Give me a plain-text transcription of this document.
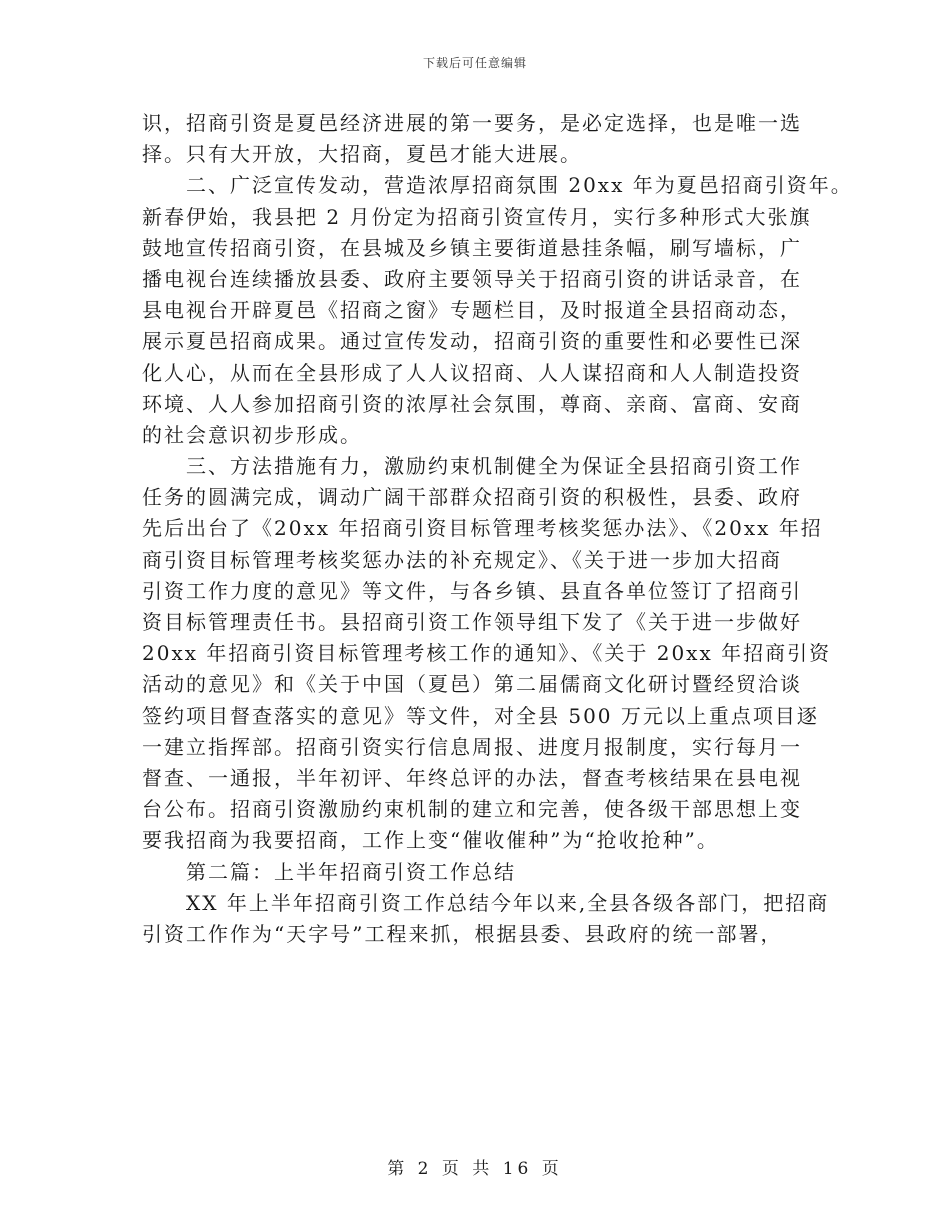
下载后可任意编辑
识，招商引资是夏邑经济进展的第一要务，是必定选择，也是唯一选
择。只有大开放，大招商，夏邑才能大进展。
二、广泛宣传发动，营造浓厚招商氛围 20xx 年为夏邑招商引资年。
新春伊始，我县把 2 月份定为招商引资宣传月，实行多种形式大张旗
鼓地宣传招商引资，在县城及乡镇主要街道悬挂条幅，刷写墙标，广
播电视台连续播放县委、政府主要领导关于招商引资的讲话录音，在
县电视台开辟夏邑《招商之窗》专题栏目，及时报道全县招商动态，
展示夏邑招商成果。通过宣传发动，招商引资的重要性和必要性已深
化人心，从而在全县形成了人人议招商、人人谋招商和人人制造投资
环境、人人参加招商引资的浓厚社会氛围，尊商、亲商、富商、安商
的社会意识初步形成。
三、方法措施有力，激励约束机制健全为保证全县招商引资工作
任务的圆满完成，调动广阔干部群众招商引资的积极性，县委、政府
先后出台了《20xx 年招商引资目标管理考核奖惩办法》、《20xx 年招
商引资目标管理考核奖惩办法的补充规定》、《关于进一步加大招商
引资工作力度的意见》等文件，与各乡镇、县直各单位签订了招商引
资目标管理责任书。县招商引资工作领导组下发了《关于进一步做好
20xx 年招商引资目标管理考核工作的通知》、《关于 20xx 年招商引资
活动的意见》和《关于中国（夏邑）第二届儒商文化研讨暨经贸洽谈
签约项目督查落实的意见》等文件，对全县 500 万元以上重点项目逐
一建立指挥部。招商引资实行信息周报、进度月报制度，实行每月一
督查、一通报，半年初评、年终总评的办法，督查考核结果在县电视
台公布。招商引资激励约束机制的建立和完善，使各级干部思想上变
要我招商为我要招商，工作上变“催收催种”为“抢收抢种”。
第二篇：上半年招商引资工作总结
XX 年上半年招商引资工作总结今年以来,全县各级各部门，把招商
引资工作作为“天字号”工程来抓，根据县委、县政府的统一部署，
第 2 页 共 16 页
